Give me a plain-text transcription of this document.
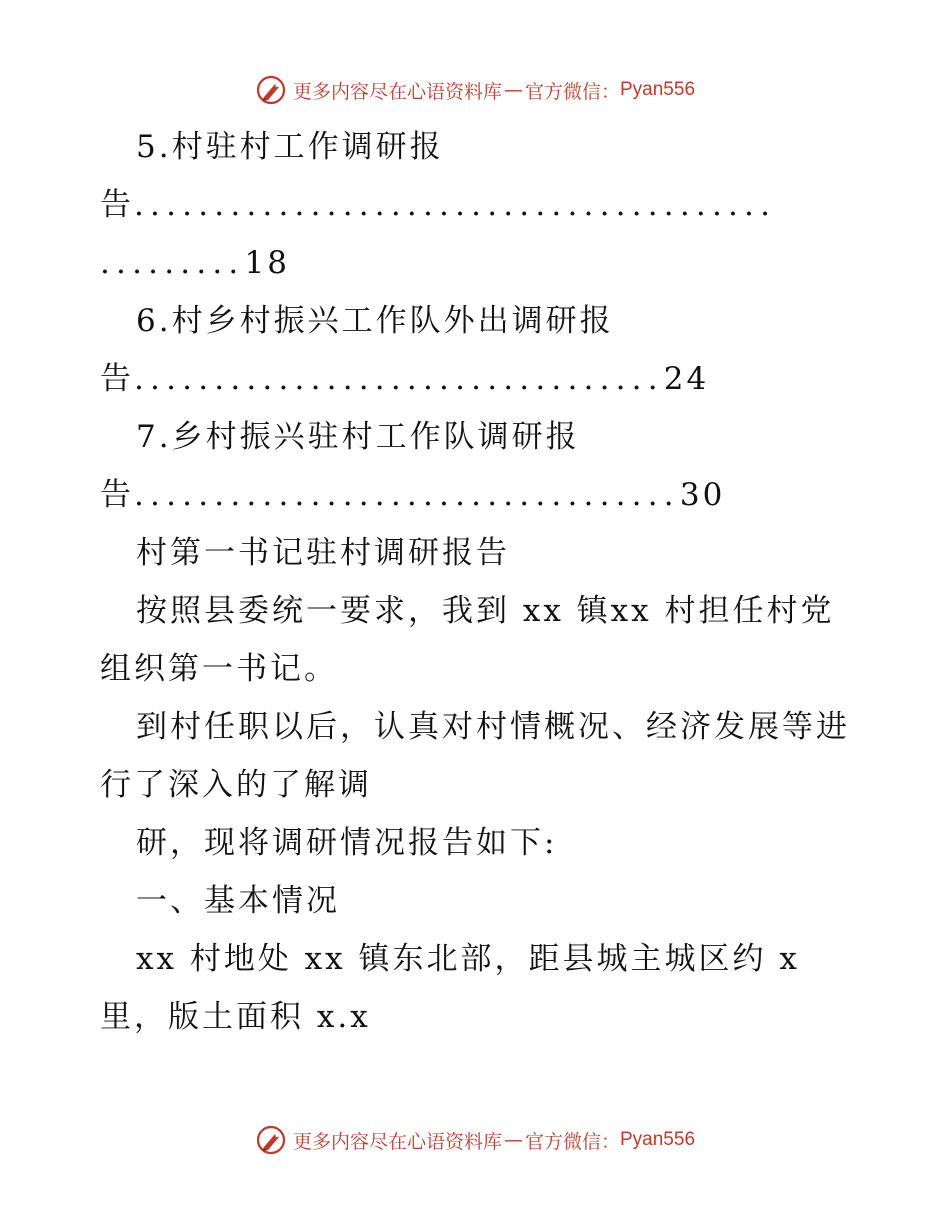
更多内容尽在心语资料库 — 官方微信： Pyan556
5.村驻村工作调研报
告........................................
.........18
6.村乡村振兴工作队外出调研报
告.................................24
7.乡村振兴驻村工作队调研报
告..................................30
村第一书记驻村调研报告
按照县委统一要求，我到 xx 镇xx 村担任村党
组织第一书记。
到村任职以后，认真对村情概况、经济发展等进
行了深入的了解调
研，现将调研情况报告如下:
一、基本情况
xx 村地处 xx 镇东北部，距县城主城区约 x
里，版土面积 x.x
更多内容尽在心语资料库 — 官方微信： Pyan556
